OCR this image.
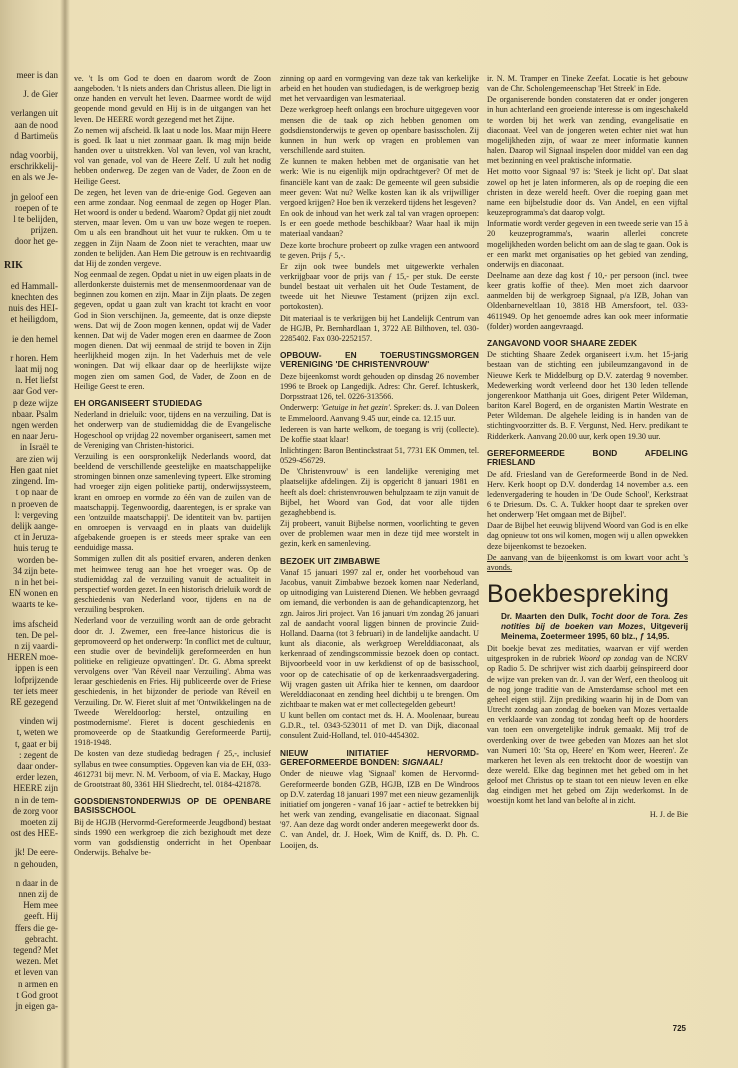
meer is dan
J. de Gier
verlangen uit
aan de nood
d Bartimeüs
ndag voorbij,
erschrikkelij-
en als we Je-
jn geloof een
roepen of te
l te belijden,
prijzen.
door het ge-
RIK
ed Hammall-
knechten des
nuis des HEI-
et heiligdom,
ie den hemel
r horen. Hem
laat mij nog
n. Het liefst
aar God ver-
p deze wijze
nbaar. Psalm
ngen werden
en naar Jeru-
in Israël te
are zien wij
Hen gaat niet
zingend. Im-
t op naar de
n proeven de
l: vergeving
delijk aange-
ct in Jeruza-
huis terug te
worden be-
34 zijn bete-
n in het bei-
EN wonen en
waarts te ke-
ims afscheid
ten. De pel-
n zij vaardi-
HEREN moe-
ippen is een
lofprijzende
ter iets meer
RE gezegend
vinden wij
t, weten we
t, gaat er bij
: zegent de
daar onder-
erder lezen,
HEERE zijn
n in de tem-
de zorg voor
moeten zij
ost des HEE-
jk! De eere-
n gehouden,
n daar in de
nnen zij de
Hem mee
geeft. Hij
ffers die ge-
gebracht.
tegend? Met
wezen. Met
et leven van
n armen en
t God groot
jn eigen ga-

ve. 't Is om God te doen en daarom wordt de Zoon aangeboden. 't Is niets anders dan Christus alleen. Die ligt in onze handen en vervult het leven. Daarmee wordt de wijd geopende mond gevuld en Hij is in de uitgangen van het leven. De HEERE wordt gezegend met het Zijne.

Zo nemen wij afscheid. Ik laat u node los. Maar mijn Heere is goed. Ik laat u niet zonmaar gaan. Ik mag mijn beide handen over u uitstrekken. Vol van leven, vol van kracht, vol van genade, vol van de Heere Zelf. U zult het nodig hebben onderweg. De zegen van de Vader, de Zoon en de Heilige Geest.

De zegen, het leven van de drie-enige God. Gegeven aan een arme zondaar. Nog eenmaal de zegen op Hoger Plan. Het woord is onder u bedend. Waarom? Opdat gij niet zoudt sterven, maar leven. Om u van uw boze wegen te roepen. Om u als een brandhout uit het vuur te rukken. Om u te zeggen in Zijn Naam de Zoon niet te verachten, maar uw zonden te belijden. Aan Hem Die getrouw is en rechtvaardig dat Hij de zonden vergeve.

Nog eenmaal de zegen. Opdat u niet in uw eigen plaats in de allerdonkerste duisternis met de mensenmoordenaar van de beginnen zou komen en zijn. Maar in Zijn plaats. De zegen gegeven, opdat u gaan zult van kracht tot kracht en voor God in Sion verschijnen. Ja, gemeente, dat is onze diepste wens. Dat wij de Zoon mogen kennen, opdat wij de Vader kennen. Dat wij de Vader mogen eren en daarmee de Zoon mogen dienen. Dat wij eenmaal de strijd te boven in Zijn heerlijkheid mogen zijn. In het Vaderhuis met de vele woningen. Dat wij elkaar daar op de heerlijkste wijze mogen zien om samen God, de Vader, de Zoon en de Heilige Geest te eren.

EH ORGANISEERT STUDIEDAG

Nederland in drieluik: voor, tijdens en na verzuiling. Dat is het onderwerp van de studiemiddag die de Evangelische Hogeschool op vrijdag 22 november organiseert, samen met de Vereniging van Christen-historici.

Verzuiling is een oorspronkelijk Nederlands woord, dat beeldend de verschillende geestelijke en maatschappelijke stromingen binnen onze samenleving typeert. Elke stroming had vroeger zijn eigen politieke partij, onderwijssysteem, krant en omroep en vormde zo één van de zuilen van de maatschappij. Tegenwoordig, daarentegen, is er sprake van een 'ontzuilde maatschappij'. De identiteit van bv. partijen en omroepen is vervaagd en in plaats van duidelijk afgebakende groepen is er steeds meer sprake van een eenduidige massa.

Sommigen zullen dit als positief ervaren, anderen denken met heimwee terug aan hoe het vroeger was. Op de studiemiddag zal de verzuiling vanuit de actualiteit in perspectief worden gezet. In een historisch drieluik wordt de geschiedenis van Nederland voor, tijdens en na de verzuiling besproken.

Nederland voor de verzuiling wordt aan de orde gebracht door dr. J. Zwemer, een free-lance historicus die is gepromoveerd op het onderwerp: 'In conflict met de cultuur, een studie over de bevindelijk gereformeerden en hun politieke en religieuze opvattingen'. Dr. G. Abma spreekt vervolgens over 'Van Réveil naar Verzuiling'. Abma was leraar geschiedenis en Fries. Hij publiceerde over de Friese geschiedenis, in het bijzonder de periode van Réveil en Verzuiling. Dr. W. Fieret sluit af met 'Ontwikkelingen na de Tweede Wereldoorlog: herstel, ontzuiling en postmodernisme'. Fieret is docent geschiedenis en promoveerde op de Staatkundig Gereformeerde Partij, 1918-1948.

De kosten van deze studiedag bedragen ƒ 25,-, inclusief syllabus en twee consumpties. Opgeven kan via de EH, 033-4612731 bij mevr. N. M. Verboom, of via E. Mackay, Hugo de Grootstraat 80, 3361 HH Sliedrecht, tel. 0184-421878.

GODSDIENSTONDERWIJS OP DE OPENBARE BASISSCHOOL

Bij de HGJB (Hervormd-Gereformeerde Jeugdbond) bestaat sinds 1990 een werkgroep die zich bezighoudt met deze vorm van godsdienstig onderricht in het Openbaar Onderwijs. Behalve be-

zinning op aard en vormgeving van deze tak van kerkelijke arbeid en het houden van studiedagen, is de werkgroep bezig met het vervaardigen van lesmateriaal.

Deze werkgroep heeft onlangs een brochure uitgegeven voor mensen die de taak op zich hebben genomen om godsdienstonderwijs te geven op openbare basisscholen. Zij kunnen in hun werk op vragen en problemen van verschillende aard stuiten.

Ze kunnen te maken hebben met de organisatie van het werk: Wie is nu eigenlijk mijn opdrachtgever? Of met de financiële kant van de zaak: De gemeente wil geen subsidie meer geven: Wat nu? Welke kosten kan ik als vrijwilliger vergoed krijgen? Hoe ben ik verzekerd tijdens het lesgeven?

En ook de inhoud van het werk zal tal van vragen oproepen: Is er een goede methode beschikbaar? Waar haal ik mijn materiaal vandaan?

Deze korte brochure probeert op zulke vragen een antwoord te geven. Prijs ƒ 5,-.

Er zijn ook twee bundels met uitgewerkte verhalen verkrijgbaar voor de prijs van ƒ 15,- per stuk. De eerste bundel bestaat uit verhalen uit het Oude Testament, de tweede uit het Nieuwe Testament (prijzen zijn excl. portokosten).

Dit materiaal is te verkrijgen bij het Landelijk Centrum van de HGJB, Pr. Bernhardlaan 1, 3722 AE Bilthoven, tel. 030-2285402. Fax 030-2252157.

OPBOUW- EN TOERUSTINGSMORGEN VERENIGING 'DE CHRISTENVROUW'

Deze bijeenkomst wordt gehouden op dinsdag 26 november 1996 te Broek op Langedijk. Adres: Chr. Geref. Ichtuskerk, Dorpsstraat 126, tel. 0226-313566.

Onderwerp: 'Getuige in het gezin'. Spreker: ds. J. van Doleen te Emmeloord. Aanvang 9.45 uur, einde ca. 12.15 uur.

Iedereen is van harte welkom, de toegang is vrij (collecte). De koffie staat klaar!

Inlichtingen: Baron Bentinckstraat 51, 7731 EK Ommen, tel. 0529-456729.

De 'Christenvrouw' is een landelijke vereniging met plaatselijke afdelingen. Zij is opgericht 8 januari 1981 en heeft als doel: christenvrouwen behulpzaam te zijn vanuit de Bijbel, het Woord van God, dat voor alle tijden gezaghebbend is.

Zij probeert, vanuit Bijbelse normen, voorlichting te geven over de problemen waar men in deze tijd mee worstelt in gezin, kerk en samenleving.

BEZOEK UIT ZIMBABWE

Vanaf 15 januari 1997 zal er, onder het voorbehoud van Jacobus, vanuit Zimbabwe bezoek komen naar Nederland, op uitnodiging van Luisterend Dienen. We hebben gevraagd om iemand, die verbonden is aan de gehandicaptenzorg, het zgn. Jairos Jiri project. Van 16 januari t/m zondag 26 januari zal de aandacht vooral liggen binnen de provincie Zuid-Holland. Daarna (tot 3 februari) in de landelijke aandacht. U kunt als diaconie, als werkgroep Werelddiaconaat, als kerkenraad of zendingscommissie bezoek doen op contact. Bijvoorbeeld voor in uw kerkdienst of op de basisschool, voor op de catechisatie of op de kerkenraadsvergadering. Wij vragen gasten uit Afrika hier te kennen, om daardoor Werelddiaconaat en zending heel dichtbij u te brengen. Om zichtbaar te maken wat er met collectegelden gebeurt!

U kunt bellen om contact met ds. H. A. Moolenaar, bureau G.D.R., tel. 0343-523011 of met D. van Dijk, diaconaal consulent Zuid-Holland, tel. 010-4454302.

NIEUW INITIATIEF HERVORMD-GEREFORMEERDE BONDEN: SIGNAAL!

Onder de nieuwe vlag 'Signaal' komen de Hervormd-Gereformeerde bonden GZB, HGJB, IZB en De Windroos op D.V. zaterdag 18 januari 1997 met een nieuw gezamenlijk initiatief om jongeren - vanaf 16 jaar - actief te betrekken bij het werk van zending, evangelisatie en diaconaat. Signaal '97. Aan deze dag wordt onder anderen meegewerkt door ds. C. van Andel, dr. J. Hoek, Wim de Kniff, ds. D. Ph. C. Looijen, ds.

ir. N. M. Tramper en Tineke Zeefat. Locatie is het gebouw van de Chr. Scholengemeenschap 'Het Streek' in Ede.

De organiserende bonden constateren dat er onder jongeren in hun achterland een groeiende interesse is om ingeschakeld te worden bij het werk van zending, evangelisatie en diaconaat. Veel van de jongeren weten echter niet wat hun mogelijkheden zijn, of waar ze meer informatie kunnen halen. Daarop wil Signaal inspelen door middel van een dag met bezinning en veel praktische informatie.

Het motto voor Signaal '97 is: 'Steek je licht op'. Dat slaat zowel op het je laten informeren, als op de roeping die een christen in deze wereld heeft. Over die roeping gaan met name een bijbelstudie door ds. Van Andel, en een vijftal keuzeprogramma's dat daarop volgt.

Informatie wordt verder gegeven in een tweede serie van 15 à 20 keuzeprogramma's, waarin allerlei concrete mogelijkheden worden belicht om aan de slag te gaan. Ook is er een markt met organisaties op het gebied van zending, onderwijs en diaconaat.

Deelname aan deze dag kost ƒ 10,- per persoon (incl. twee keer gratis koffie of thee). Men moet zich daarvoor aanmelden bij de werkgroep Signaal, p/a IZB, Johan van Oldenbarneveltlaan 10, 3818 HB Amersfoort, tel. 033-4611949. Op het genoemde adres kan ook meer informatie (folder) worden aangevraagd.

ZANGAVOND VOOR SHAARE ZEDEK

De stichting Shaare Zedek organiseert i.v.m. het 15-jarig bestaan van de stichting een jubileumzangavond in de Nieuwe Kerk te Middelburg op D.V. zaterdag 9 november. Medewerking wordt verleend door het 130 leden tellende jongerenkoor Matthanja uit Goes, dirigent Peter Wildeman, bariton Karel Bogerd, en de organisten Martin Westrate en Peter Wildeman. De algehele leiding is in handen van de stichtingvoorzitter ds. B. F. Vergunst, Ned. Herv. predikant te Ridderkerk. Aanvang 20.00 uur, kerk open 19.30 uur.

GEREFORMEERDE BOND AFDELING FRIESLAND

De afd. Friesland van de Gereformeerde Bond in de Ned. Herv. Kerk hoopt op D.V. donderdag 14 november a.s. een ledenvergadering te houden in 'De Oude School', Kerkstraat 6 te Driesum. Ds. C. A. Tukker hoopt daar te spreken over het onderwerp 'Het omgaan met de Bijbel'.

Daar de Bijbel het eeuwig blijvend Woord van God is en elke dag opnieuw tot ons wil komen, mogen wij u allen opwekken deze bijeenkomst te bezoeken.

De aanvang van de bijeenkomst is om kwart voor acht 's avonds.

Boekbespreking
Dr. Maarten den Dulk, Tocht door de Tora. Zes notities bij de boeken van Mozes, Uitgeverij Meinema, Zoetermeer 1995, 60 blz., ƒ 14,95.

Dit boekje bevat zes meditaties, waarvan er vijf werden uitgesproken in de rubriek Woord op zondag van de NCRV op Radio 5. De schrijver wist zich daarbij geïnspireerd door de wijze van preken van dr. J. van der Werf, een theoloog uit de nog jonge traditie van de Amsterdamse school met een geheel eigen stijl. Zijn prediking waarin hij in de Dom van Utrecht zondag aan zondag de boeken van Mozes vertaalde en verklaarde van zondag tot zondag heeft op de hoorders van toen een onvergetelijke indruk gemaakt. Mij trof de overdenking over de twee gebeden van Mozes aan het slot van Numeri 10: 'Sta op, Heere' en 'Kom weer, Heeren'. Ze markeren het leven als een trektocht door de woestijn van deze wereld. Elke dag beginnen met het gebed om in het geloof met Christus op te staan tot een nieuw leven en elke dag eindigen met het gebed om Zijn wederkomst. In de woestijn komt het land van belofte al in zicht.

H. J. de Bie

725
